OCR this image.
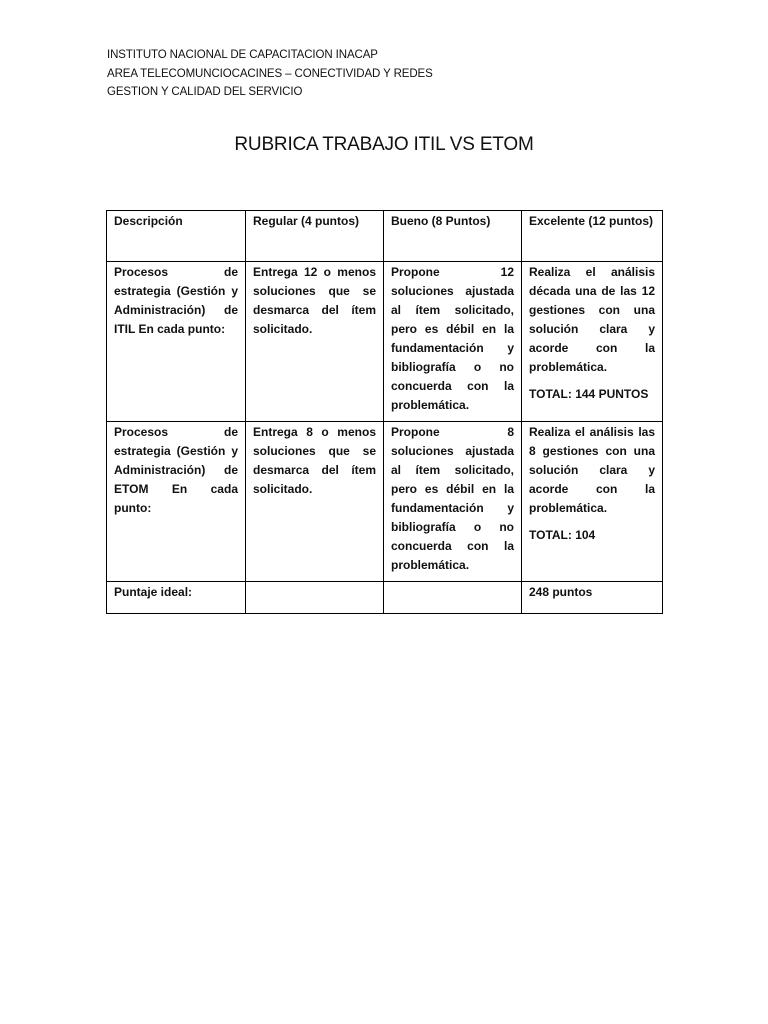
INSTITUTO NACIONAL DE CAPACITACION INACAP
AREA TELECOMUNCIOCACINES – CONECTIVIDAD Y REDES
GESTION Y CALIDAD DEL SERVICIO
RUBRICA TRABAJO ITIL VS ETOM
Descripción	Regular (4 puntos)	Bueno (8 Puntos)	Excelente (12 puntos)
Procesos de estrategia (Gestión y Administración) de ITIL En cada punto:	Entrega 12 o menos soluciones que se desmarca del ítem solicitado.	Propone 12 soluciones ajustada al ítem solicitado, pero es débil en la fundamentación y bibliografía o no concuerda con la problemática.	Realiza el análisis década una de las 12 gestiones con una solución clara y acorde con la problemática.

TOTAL: 144 PUNTOS

Procesos de estrategia (Gestión y Administración) de ETOM En cada punto:	Entrega 8 o menos soluciones que se desmarca del ítem solicitado.	Propone 8 soluciones ajustada al ítem solicitado, pero es débil en la fundamentación y bibliografía o no concuerda con la problemática.	Realiza el análisis las 8 gestiones con una solución clara y acorde con la problemática.

TOTAL: 104

Puntaje ideal:			248 puntos
